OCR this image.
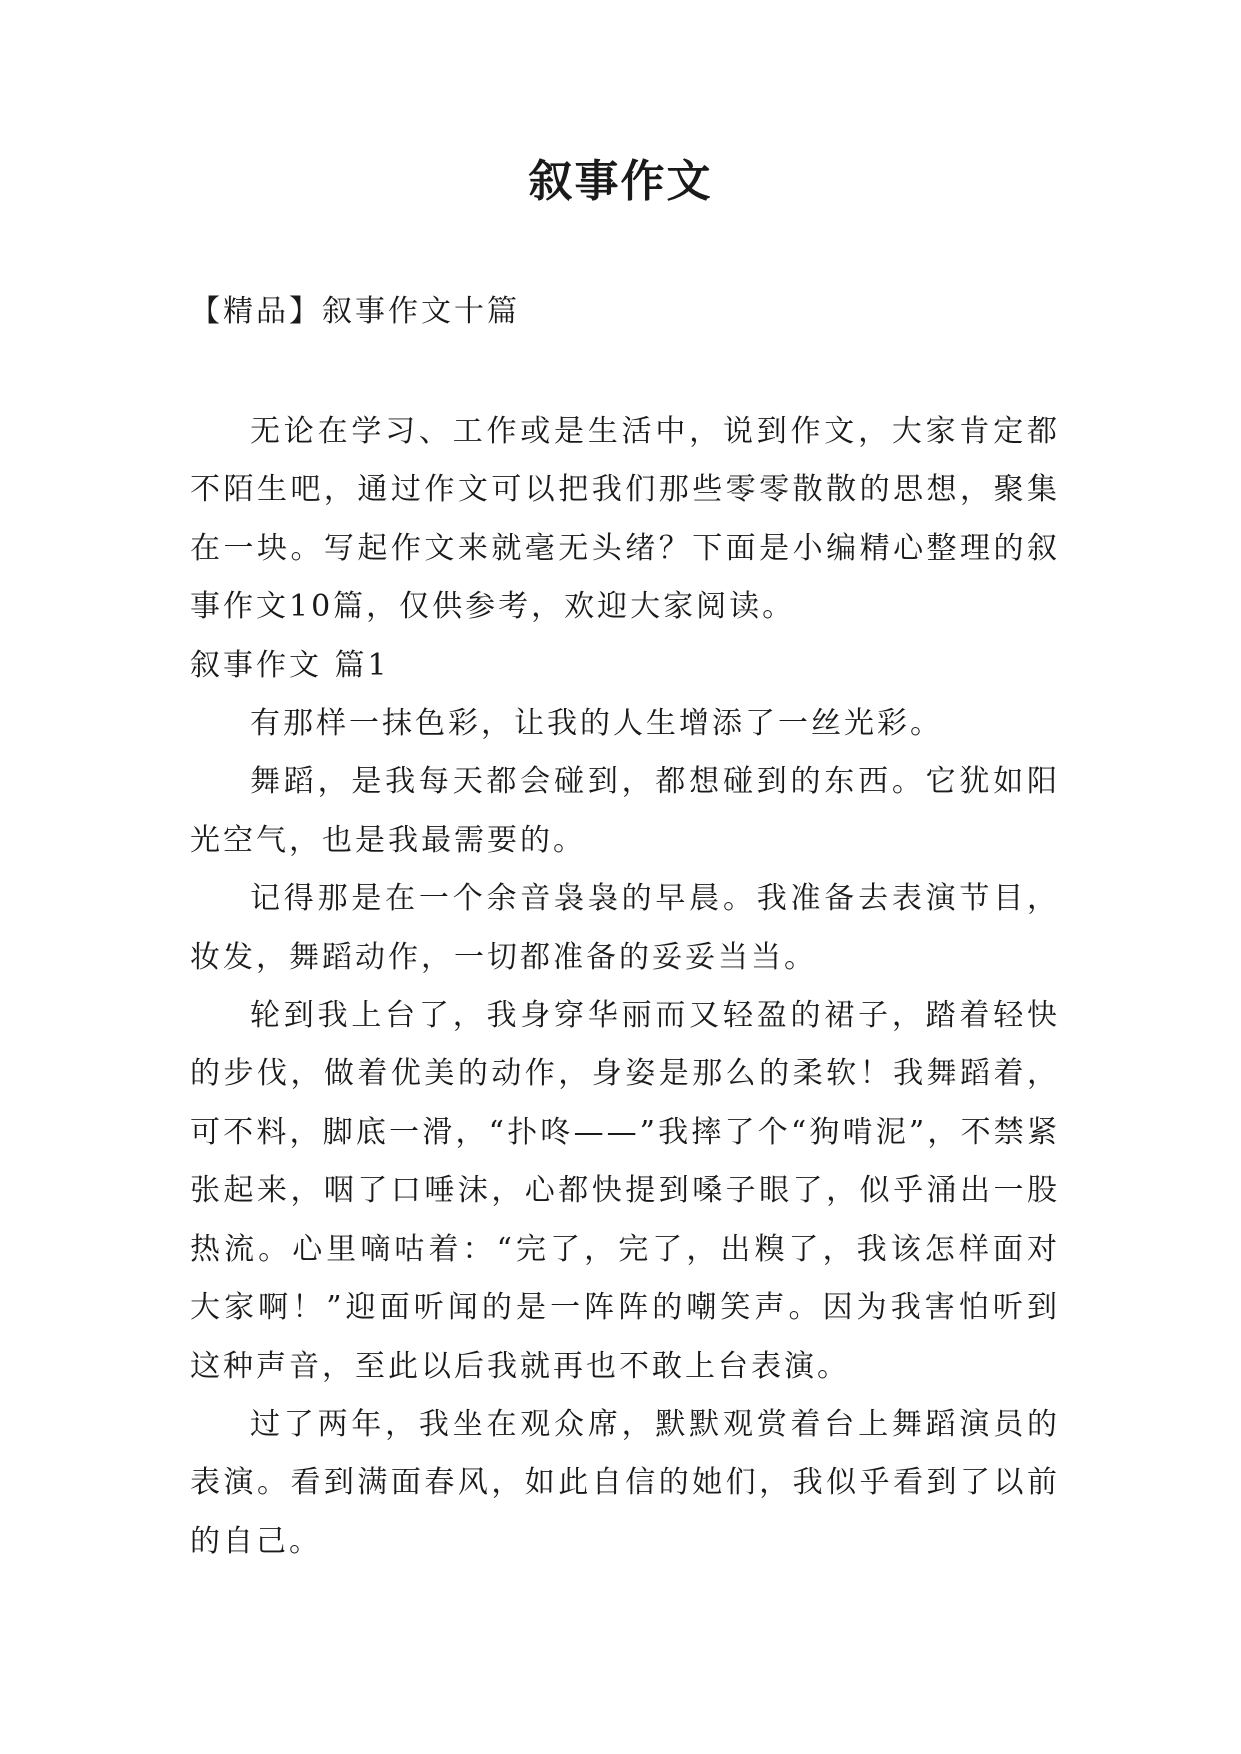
叙事作文
【精品】叙事作文十篇

无论在学习、工作或是生活中，说到作文，大家肯定都不陌生吧，通过作文可以把我们那些零零散散的思想，聚集在一块。写起作文来就毫无头绪？下面是小编精心整理的叙事作文10篇，仅供参考，欢迎大家阅读。

叙事作文 篇1

有那样一抹色彩，让我的人生增添了一丝光彩。

舞蹈，是我每天都会碰到，都想碰到的东西。它犹如阳光空气，也是我最需要的。

记得那是在一个余音袅袅的早晨。我准备去表演节目，妆发，舞蹈动作，一切都准备的妥妥当当。

轮到我上台了，我身穿华丽而又轻盈的裙子，踏着轻快的步伐，做着优美的动作，身姿是那么的柔软！我舞蹈着，可不料，脚底一滑，“扑咚——”我摔了个“狗啃泥”，不禁紧张起来，咽了口唾沫，心都快提到嗓子眼了，似乎涌出一股热流。心里嘀咕着：“完了，完了，出糗了，我该怎样面对大家啊！”迎面听闻的是一阵阵的嘲笑声。因为我害怕听到这种声音，至此以后我就再也不敢上台表演。

过了两年，我坐在观众席，默默观赏着台上舞蹈演员的表演。看到满面春风，如此自信的她们，我似乎看到了以前的自己。
